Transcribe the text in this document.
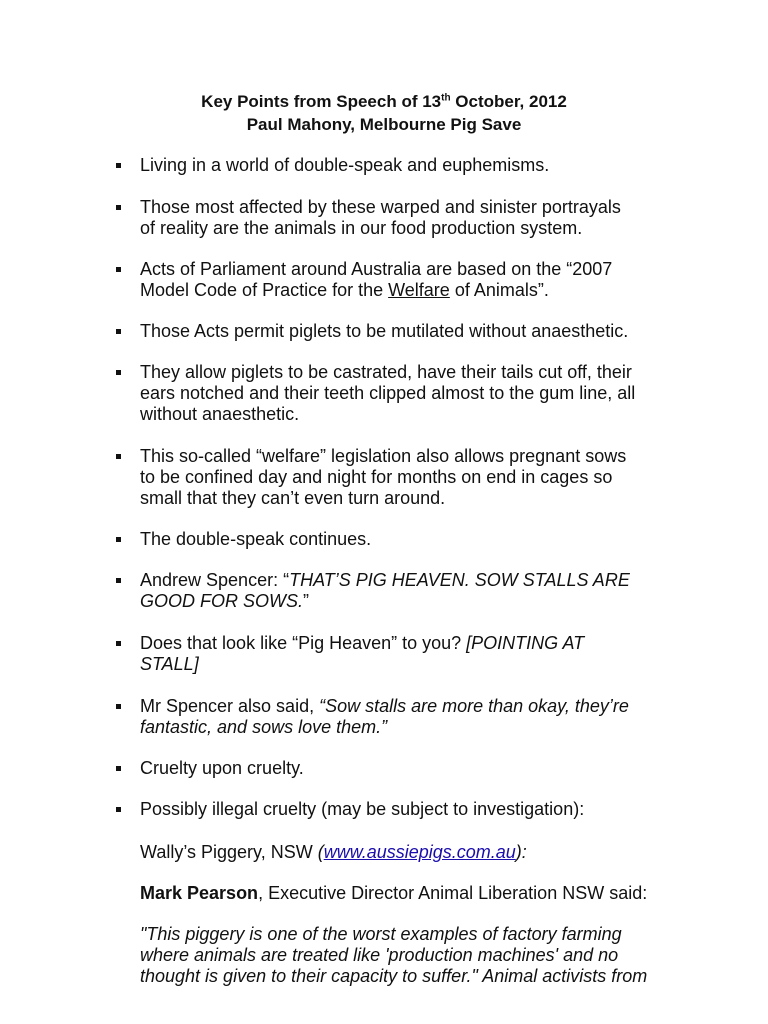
Key Points from Speech of 13th October, 2012
Paul Mahony, Melbourne Pig Save
Living in a world of double-speak and euphemisms.
Those most affected by these warped and sinister portrayals of reality are the animals in our food production system.
Acts of Parliament around Australia are based on the “2007 Model Code of Practice for the Welfare of Animals”.
Those Acts permit piglets to be mutilated without anaesthetic.
They allow piglets to be castrated, have their tails cut off, their ears notched and their teeth clipped almost to the gum line, all without anaesthetic.
This so-called “welfare” legislation also allows pregnant sows to be confined day and night for months on end in cages so small that they can’t even turn around.
The double-speak continues.
Andrew Spencer: “THAT’S PIG HEAVEN. SOW STALLS ARE GOOD FOR SOWS.”
Does that look like “Pig Heaven” to you? [POINTING AT STALL]
Mr Spencer also said, “Sow stalls are more than okay, they’re fantastic, and sows love them.”
Cruelty upon cruelty.
Possibly illegal cruelty (may be subject to investigation):
Wally’s Piggery, NSW (www.aussiepigs.com.au):
Mark Pearson, Executive Director Animal Liberation NSW said:
"This piggery is one of the worst examples of factory farming where animals are treated like 'production machines' and no thought is given to their capacity to suffer." Animal activists from
